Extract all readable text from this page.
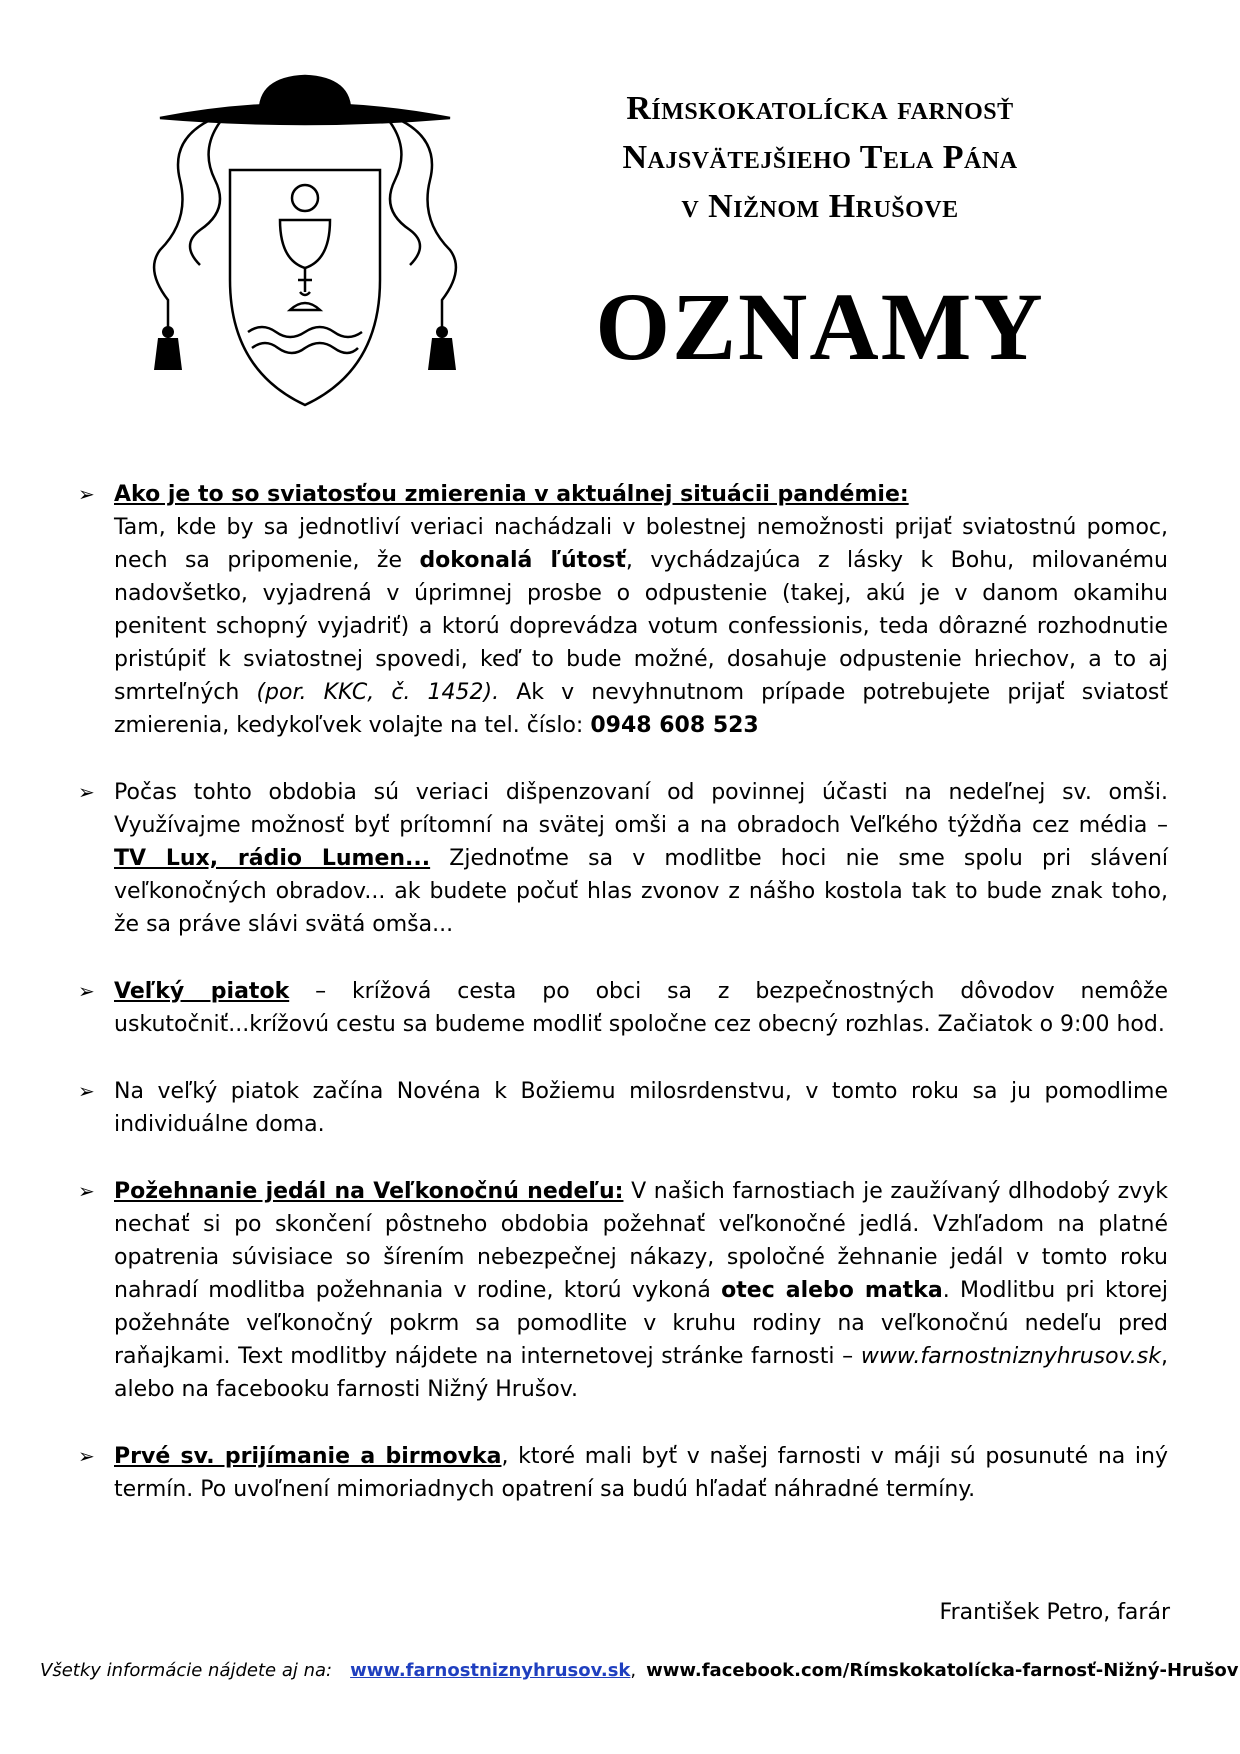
Rímskokatolícka farnosť
Najsvätejšieho Tela Pána
v Nižnom Hrušove
OZNAMY
➢ Ako je to so sviatosťou zmierenia v aktuálnej situácii pandémie:
Tam, kde by sa jednotliví veriaci nachádzali v bolestnej nemožnosti prijať sviatostnú pomoc, nech sa pripomenie, že dokonalá ľútosť, vychádzajúca z lásky k Bohu, milovanému nadovšetko, vyjadrená v úprimnej prosbe o odpustenie (takej, akú je v danom okamihu penitent schopný vyjadriť) a ktorú doprevádza votum confessionis, teda dôrazné rozhodnutie pristúpiť k sviatostnej spovedi, keď to bude možné, dosahuje odpustenie hriechov, a to aj smrteľných (por. KKC, č. 1452). Ak v nevyhnutnom prípade potrebujete prijať sviatosť zmierenia, kedykoľvek volajte na tel. číslo: 0948 608 523
➢ Počas tohto obdobia sú veriaci dišpenzovaní od povinnej účasti na nedeľnej sv. omši. Využívajme možnosť byť prítomní na svätej omši a na obradoch Veľkého týždňa cez média – TV Lux, rádio Lumen... Zjednoťme sa v modlitbe hoci nie sme spolu pri slávení veľkonočných obradov... ak budete počuť hlas zvonov z nášho kostola tak to bude znak toho, že sa práve slávi svätá omša...
➢ Veľký piatok – krížová cesta po obci sa z bezpečnostných dôvodov nemôže uskutočniť...krížovú cestu sa budeme modliť spoločne cez obecný rozhlas. Začiatok o 9:00 hod.
➢ Na veľký piatok začína Novéna k Božiemu milosrdenstvu, v tomto roku sa ju pomodlime individuálne doma.
➢ Požehnanie jedál na Veľkonočnú nedeľu: V našich farnostiach je zaužívaný dlhodobý zvyk nechať si po skončení pôstneho obdobia požehnať veľkonočné jedlá. Vzhľadom na platné opatrenia súvisiace so šírením nebezpečnej nákazy, spoločné žehnanie jedál v tomto roku nahradí modlitba požehnania v rodine, ktorú vykoná otec alebo matka. Modlitbu pri ktorej požehnáte veľkonočný pokrm sa pomodlite v kruhu rodiny na veľkonočnú nedeľu pred raňajkami. Text modlitby nájdete na internetovej stránke farnosti – www.farnostniznyhrusov.sk, alebo na facebooku farnosti Nižný Hrušov.
➢ Prvé sv. prijímanie a birmovka, ktoré mali byť v našej farnosti v máji sú posunuté na iný termín. Po uvoľnení mimoriadnych opatrení sa budú hľadať náhradné termíny.
František Petro, farár
Všetky informácie nájdete aj na: www.farnostniznyhrusov.sk, www.facebook.com/Rímskokatolícka-farnosť-Nižný-Hrušov
